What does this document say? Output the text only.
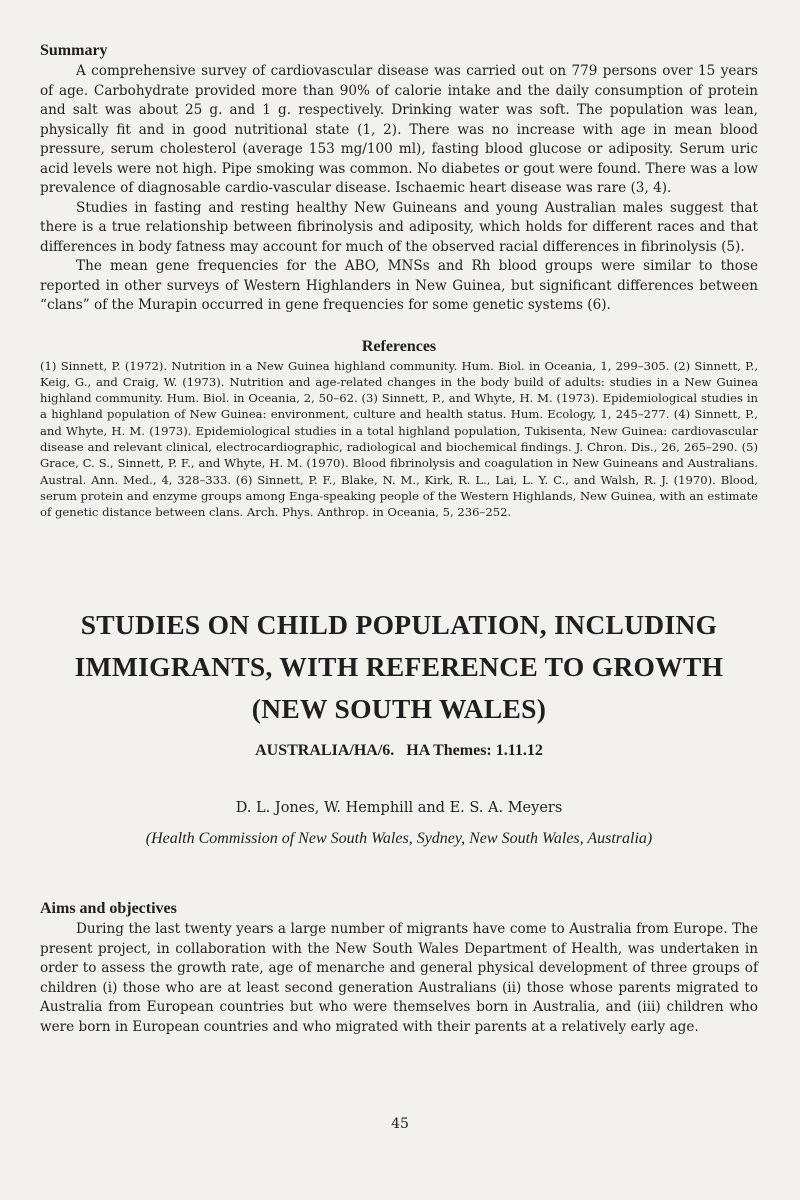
Summary

A comprehensive survey of cardiovascular disease was carried out on 779 persons over 15 years of age. Carbohydrate provided more than 90% of calorie intake and the daily consumption of protein and salt was about 25 g. and 1 g. respectively. Drinking water was soft. The population was lean, physically fit and in good nutritional state (1, 2). There was no increase with age in mean blood pressure, serum cholesterol (average 153 mg/100 ml), fasting blood glucose or adiposity. Serum uric acid levels were not high. Pipe smoking was common. No diabetes or gout were found. There was a low prevalence of diagnosable cardio-vascular disease. Ischaemic heart disease was rare (3, 4).

Studies in fasting and resting healthy New Guineans and young Australian males suggest that there is a true relationship between fibrinolysis and adiposity, which holds for different races and that differences in body fatness may account for much of the observed racial differences in fibrinolysis (5).

The mean gene frequencies for the ABO, MNSs and Rh blood groups were similar to those reported in other surveys of Western Highlanders in New Guinea, but significant differences between “clans” of the Murapin occurred in gene frequencies for some genetic systems (6).

References

(1) Sinnett, P. (1972). Nutrition in a New Guinea highland community. Hum. Biol. in Oceania, 1, 299–305. (2) Sinnett, P., Keig, G., and Craig, W. (1973). Nutrition and age-related changes in the body build of adults: studies in a New Guinea highland community. Hum. Biol. in Oceania, 2, 50–62. (3) Sinnett, P., and Whyte, H. M. (1973). Epidemiological studies in a highland population of New Guinea: environment, culture and health status. Hum. Ecology, 1, 245–277. (4) Sinnett, P., and Whyte, H. M. (1973). Epidemiological studies in a total highland population, Tukisenta, New Guinea: cardiovascular disease and relevant clinical, electrocardiographic, radiological and biochemical findings. J. Chron. Dis., 26, 265–290. (5) Grace, C. S., Sinnett, P. F., and Whyte, H. M. (1970). Blood fibrinolysis and coagulation in New Guineans and Australians. Austral. Ann. Med., 4, 328–333. (6) Sinnett, P. F., Blake, N. M., Kirk, R. L., Lai, L. Y. C., and Walsh, R. J. (1970). Blood, serum protein and enzyme groups among Enga-speaking people of the Western Highlands, New Guinea, with an estimate of genetic distance between clans. Arch. Phys. Anthrop. in Oceania, 5, 236–252.

STUDIES ON CHILD POPULATION, INCLUDING
IMMIGRANTS, WITH REFERENCE TO GROWTH
(NEW SOUTH WALES)
AUSTRALIA/HA/6.   HA Themes: 1.11.12
D. L. Jones, W. Hemphill and E. S. A. Meyers
(Health Commission of New South Wales, Sydney, New South Wales, Australia)
Aims and objectives

During the last twenty years a large number of migrants have come to Australia from Europe. The present project, in collaboration with the New South Wales Department of Health, was undertaken in order to assess the growth rate, age of menarche and general physical development of three groups of children (i) those who are at least second generation Australians (ii) those whose parents migrated to Australia from European countries but who were themselves born in Australia, and (iii) children who were born in European countries and who migrated with their parents at a relatively early age.

45
